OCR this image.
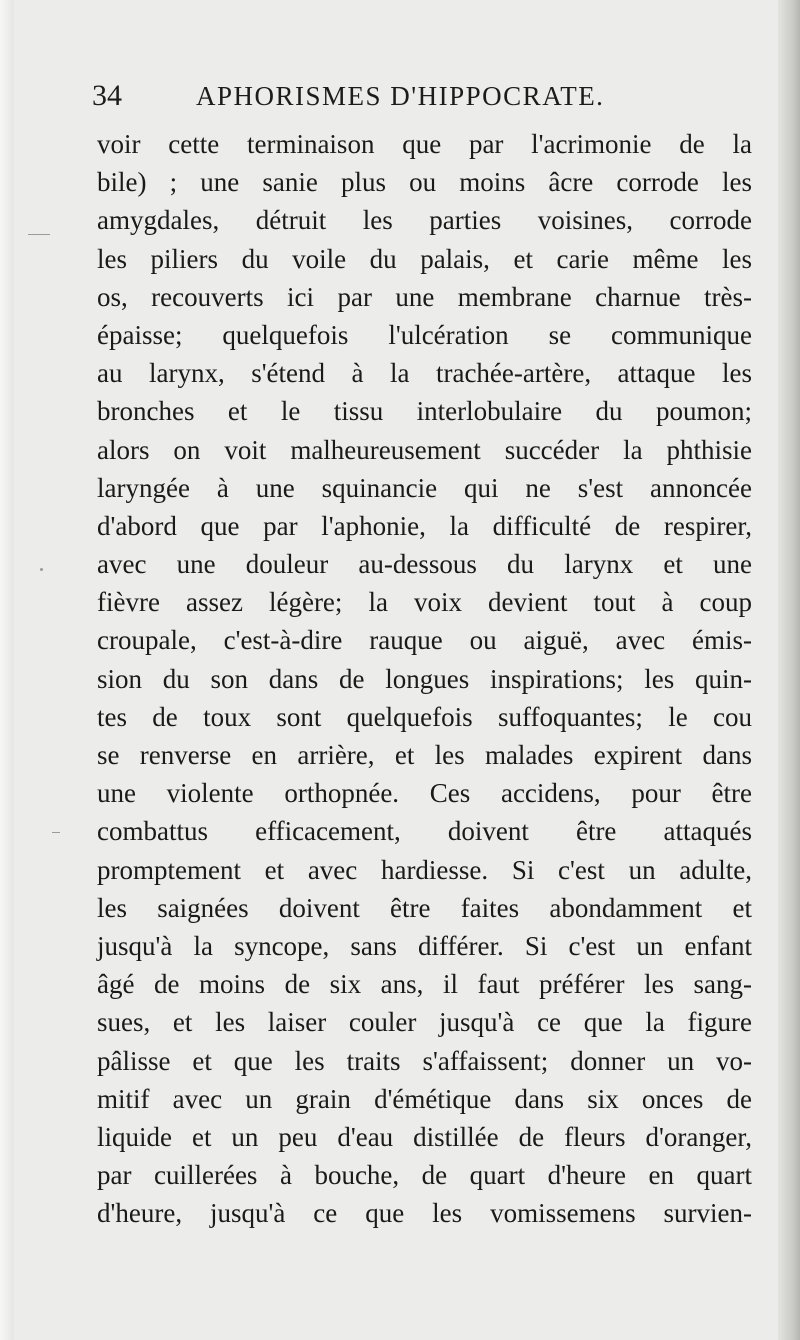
34	APHORISMES D'HIPPOCRATE.
voir cette terminaison que par l'acrimonie de la
bile) ; une sanie plus ou moins âcre corrode les
amygdales, détruit les parties voisines, corrode
les piliers du voile du palais, et carie même les
os, recouverts ici par une membrane charnue très-
épaisse; quelquefois l'ulcération se communique
au larynx, s'étend à la trachée-artère, attaque les
bronches et le tissu interlobulaire du poumon;
alors on voit malheureusement succéder la phthisie
laryngée à une squinancie qui ne s'est annoncée
d'abord que par l'aphonie, la difficulté de respirer,
avec une douleur au-dessous du larynx et une
fièvre assez légère; la voix devient tout à coup
croupale, c'est-à-dire rauque ou aiguë, avec émis-
sion du son dans de longues inspirations; les quin-
tes de toux sont quelquefois suffoquantes; le cou
se renverse en arrière, et les malades expirent dans
une violente orthopnée. Ces accidens, pour être
combattus efficacement, doivent être attaqués
promptement et avec hardiesse. Si c'est un adulte,
les saignées doivent être faites abondamment et
jusqu'à la syncope, sans différer. Si c'est un enfant
âgé de moins de six ans, il faut préférer les sang-
sues, et les laiser couler jusqu'à ce que la figure
pâlisse et que les traits s'affaissent; donner un vo-
mitif avec un grain d'émétique dans six onces de
liquide et un peu d'eau distillée de fleurs d'oranger,
par cuillerées à bouche, de quart d'heure en quart
d'heure, jusqu'à ce que les vomissemens survien-
